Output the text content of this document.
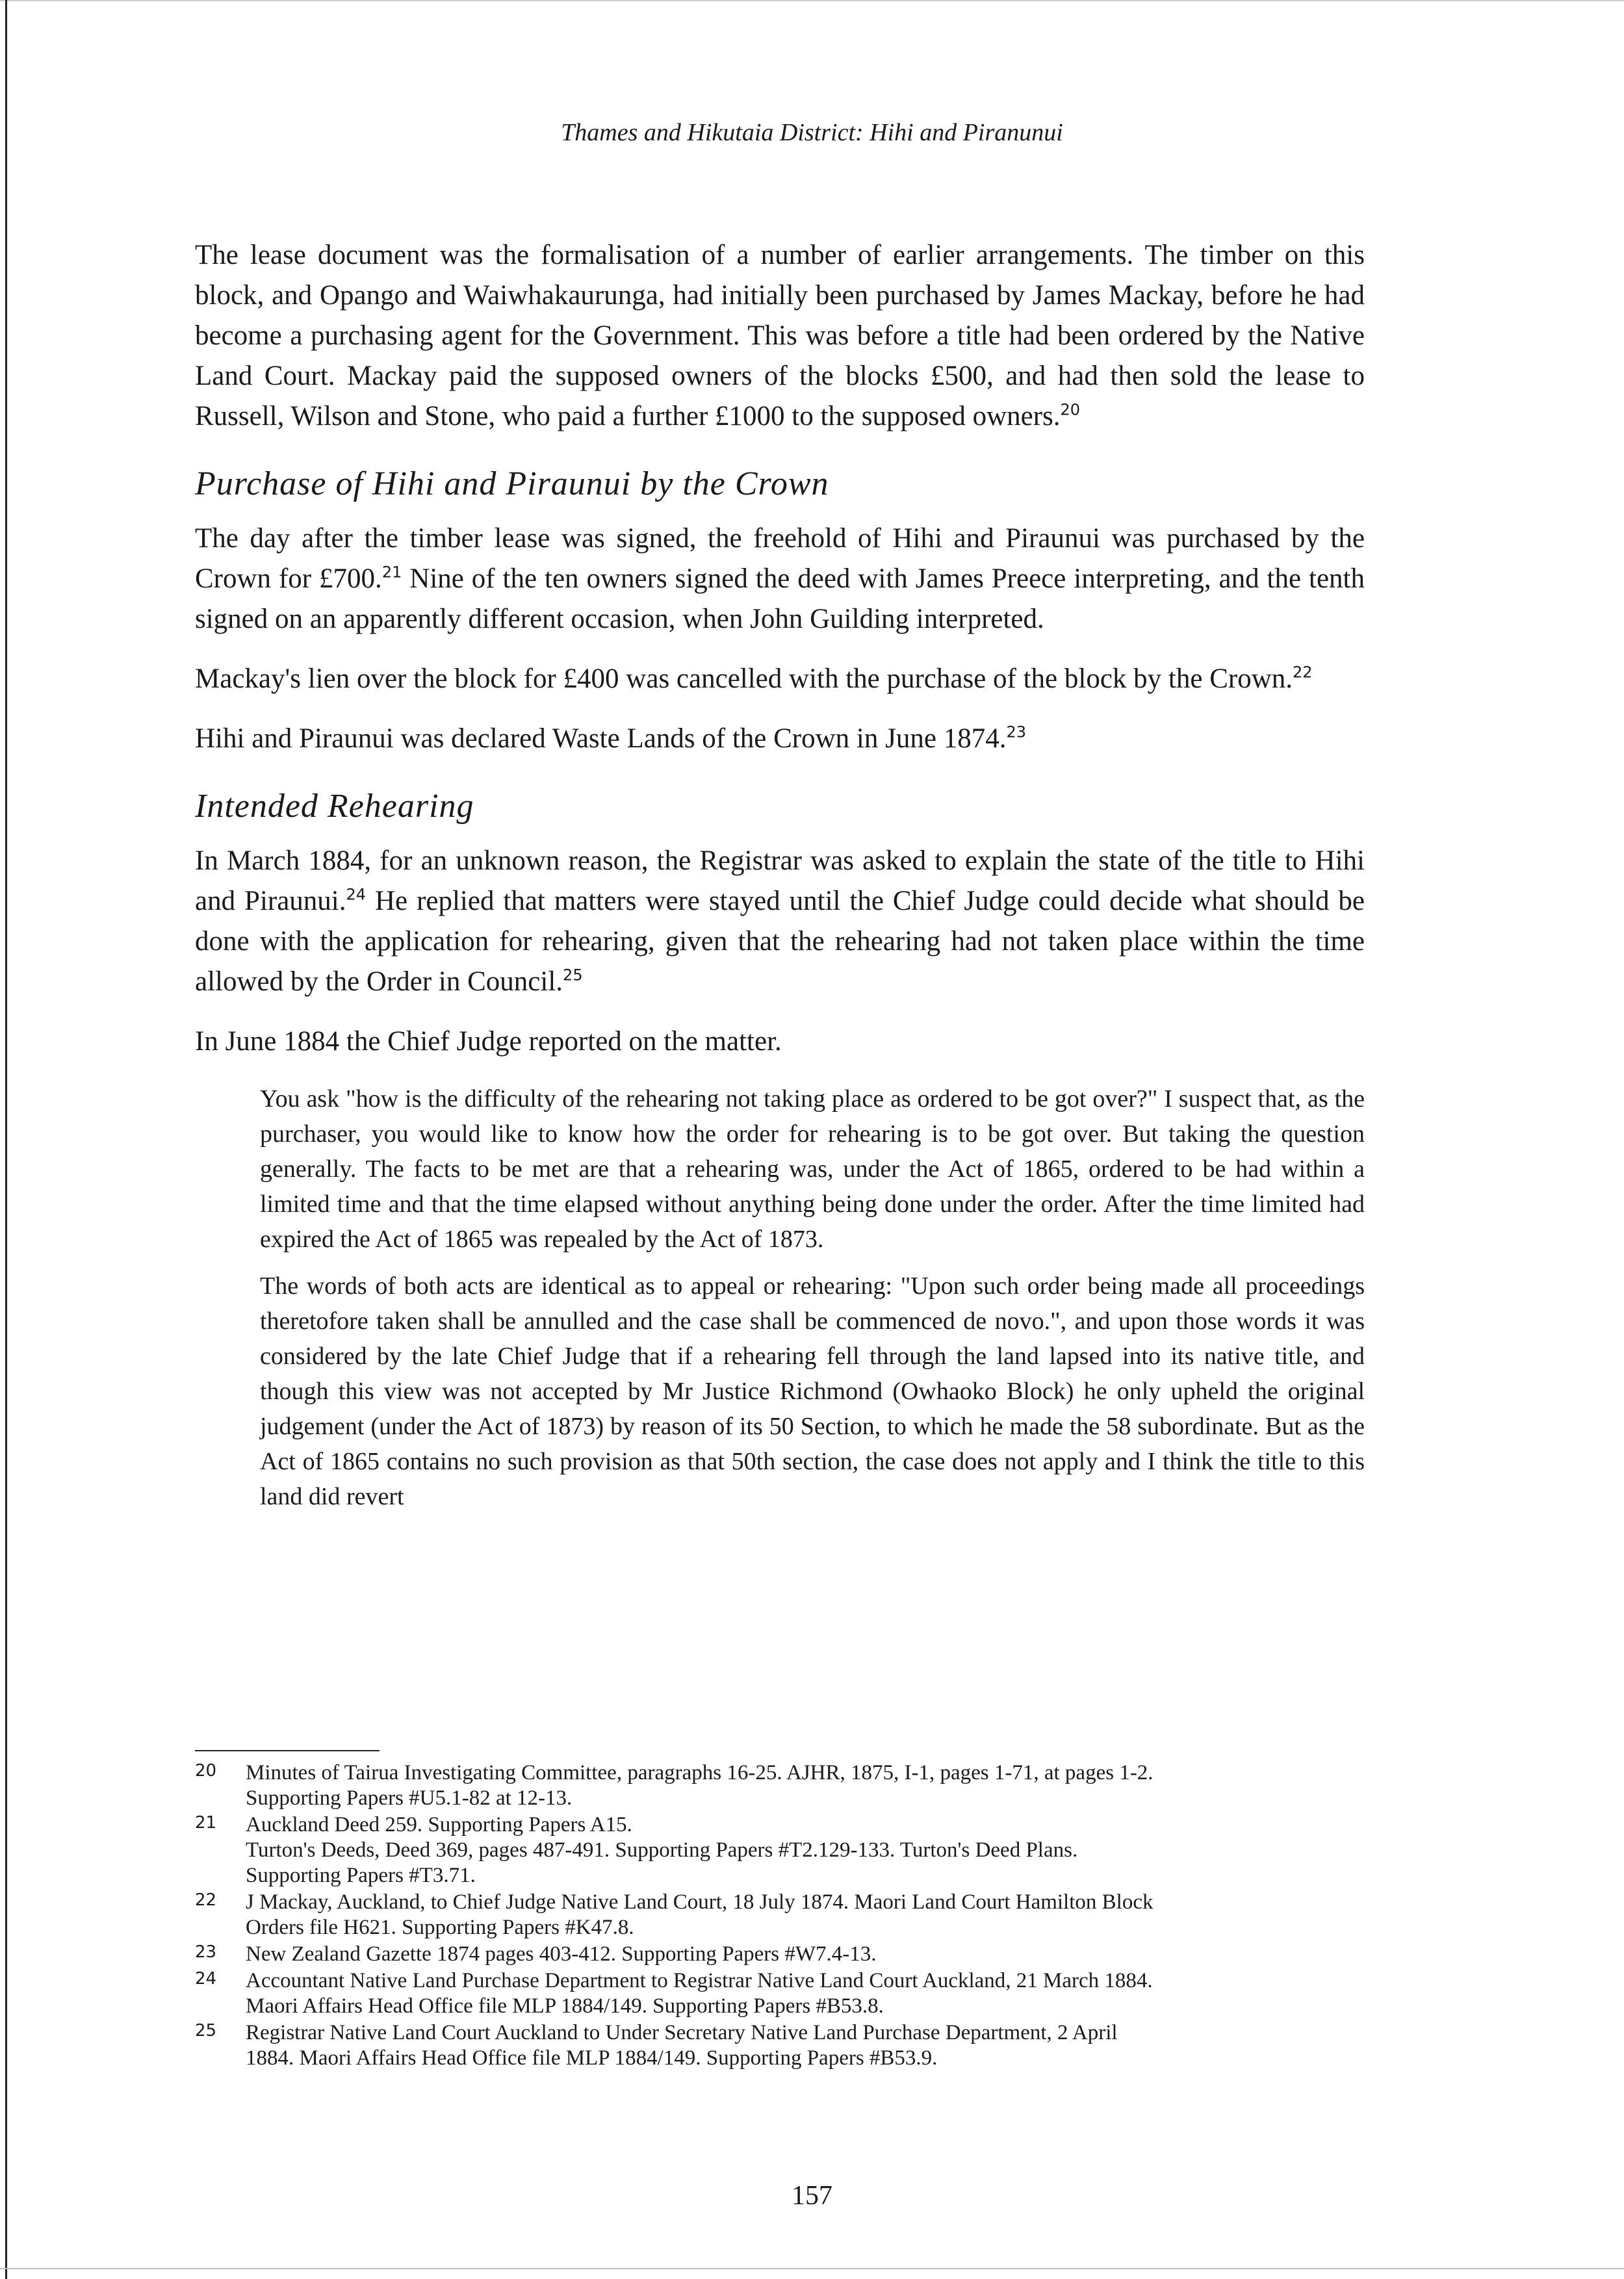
Thames and Hikutaia District: Hihi and Piranunui

The lease document was the formalisation of a number of earlier arrangements. The timber on this block, and Opango and Waiwhakaurunga, had initially been purchased by James Mackay, before he had become a purchasing agent for the Government. This was before a title had been ordered by the Native Land Court. Mackay paid the supposed owners of the blocks £500, and had then sold the lease to Russell, Wilson and Stone, who paid a further £1000 to the supposed owners.$^{20}$

Purchase of Hihi and Piraunui by the Crown

The day after the timber lease was signed, the freehold of Hihi and Piraunui was purchased by the Crown for £700.21 Nine of the ten owners signed the deed with James Preece interpreting, and the tenth signed on an apparently different occasion, when John Guilding interpreted.

Mackay's lien over the block for £400 was cancelled with the purchase of the block by the Crown.$^{22}$

Hihi and Piraunui was declared Waste Lands of the Crown in June 1874.23

Intended Rehearing

In March 1884, for an unknown reason, the Registrar was asked to explain the state of the title to Hihi and Piraunui.$^{24}$ He replied that matters were stayed until the Chief Judge could decide what should be done with the application for rehearing, given that the rehearing had not taken place within the time allowed by the Order in Council.$^{25}$

In June 1884 the Chief Judge reported on the matter.

You ask "how is the difficulty of the rehearing not taking place as ordered to be got over?" I suspect that, as the purchaser, you would like to know how the order for rehearing is to be got over. But taking the question generally. The facts to be met are that a rehearing was, under the Act of 1865, ordered to be had within a limited time and that the time elapsed without anything being done under the order. After the time limited had expired the Act of 1865 was repealed by the Act of 1873.

The words of both acts are identical as to appeal or rehearing: "Upon such order being made all proceedings theretofore taken shall be annulled and the case shall be commenced de novo.", and upon those words it was considered by the late Chief Judge that if a rehearing fell through the land lapsed into its native title, and though this view was not accepted by Mr Justice Richmond (Owhaoko Block) he only upheld the original judgement (under the Act of 1873) by reason of its 50 Section, to which he made the 58 subordinate. But as the Act of 1865 contains no such provision as that 50th section, the case does not apply and I think the title to this land did revert

20	Minutes of Tairua Investigating Committee, paragraphs 16-25. AJHR, 1875, I-1, pages 1-71, at pages 1-2.
Supporting Papers #U5.1-82 at 12-13.
21	Auckland Deed 259. Supporting Papers A15.
Turton's Deeds, Deed 369, pages 487-491. Supporting Papers #T2.129-133. Turton's Deed Plans.
Supporting Papers #T3.71.
22	J Mackay, Auckland, to Chief Judge Native Land Court, 18 July 1874. Maori Land Court Hamilton Block
Orders file H621. Supporting Papers #K47.8.
23	New Zealand Gazette 1874 pages 403-412. Supporting Papers #W7.4-13.
24	Accountant Native Land Purchase Department to Registrar Native Land Court Auckland, 21 March 1884.
Maori Affairs Head Office file MLP 1884/149. Supporting Papers #B53.8.
25	Registrar Native Land Court Auckland to Under Secretary Native Land Purchase Department, 2 April
1884. Maori Affairs Head Office file MLP 1884/149. Supporting Papers #B53.9.
157
